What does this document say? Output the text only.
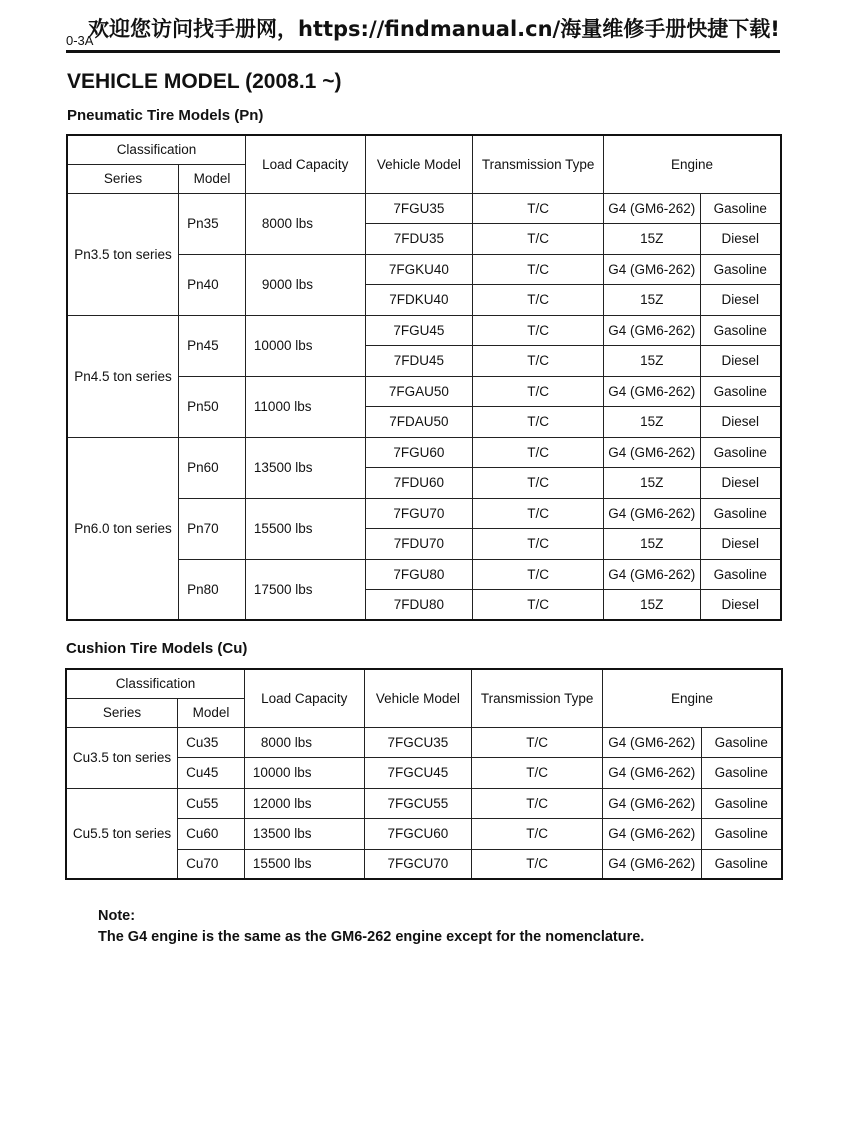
0-3A
欢迎您访问找手册网，https://findmanual.cn/海量维修手册快捷下载!
VEHICLE MODEL (2008.1 ~)
Pneumatic Tire Models (Pn)
Classification		Load Capacity	Vehicle Model	Transmission Type	Engine	
Series	Model					
Pn3.5 ton series	Pn35	8000 lbs	7FGU35	T/C	G4 (GM6-262)	Gasoline
			7FDU35	T/C	15Z	Diesel
	Pn40	9000 lbs	7FGKU40	T/C	G4 (GM6-262)	Gasoline
			7FDKU40	T/C	15Z	Diesel
Pn4.5 ton series	Pn45	10000 lbs	7FGU45	T/C	G4 (GM6-262)	Gasoline
			7FDU45	T/C	15Z	Diesel
	Pn50	11000 lbs	7FGAU50	T/C	G4 (GM6-262)	Gasoline
			7FDAU50	T/C	15Z	Diesel
Pn6.0 ton series	Pn60	13500 lbs	7FGU60	T/C	G4 (GM6-262)	Gasoline
			7FDU60	T/C	15Z	Diesel
	Pn70	15500 lbs	7FGU70	T/C	G4 (GM6-262)	Gasoline
			7FDU70	T/C	15Z	Diesel
	Pn80	17500 lbs	7FGU80	T/C	G4 (GM6-262)	Gasoline
			7FDU80	T/C	15Z	Diesel
Cushion Tire Models (Cu)
Classification		Load Capacity	Vehicle Model	Transmission Type	Engine	
Series	Model					
Cu3.5 ton series	Cu35	8000 lbs	7FGCU35	T/C	G4 (GM6-262)	Gasoline
	Cu45	10000 lbs	7FGCU45	T/C	G4 (GM6-262)	Gasoline
Cu5.5 ton series	Cu55	12000 lbs	7FGCU55	T/C	G4 (GM6-262)	Gasoline
	Cu60	13500 lbs	7FGCU60	T/C	G4 (GM6-262)	Gasoline
	Cu70	15500 lbs	7FGCU70	T/C	G4 (GM6-262)	Gasoline
Note:
The G4 engine is the same as the GM6-262 engine except for the nomenclature.
